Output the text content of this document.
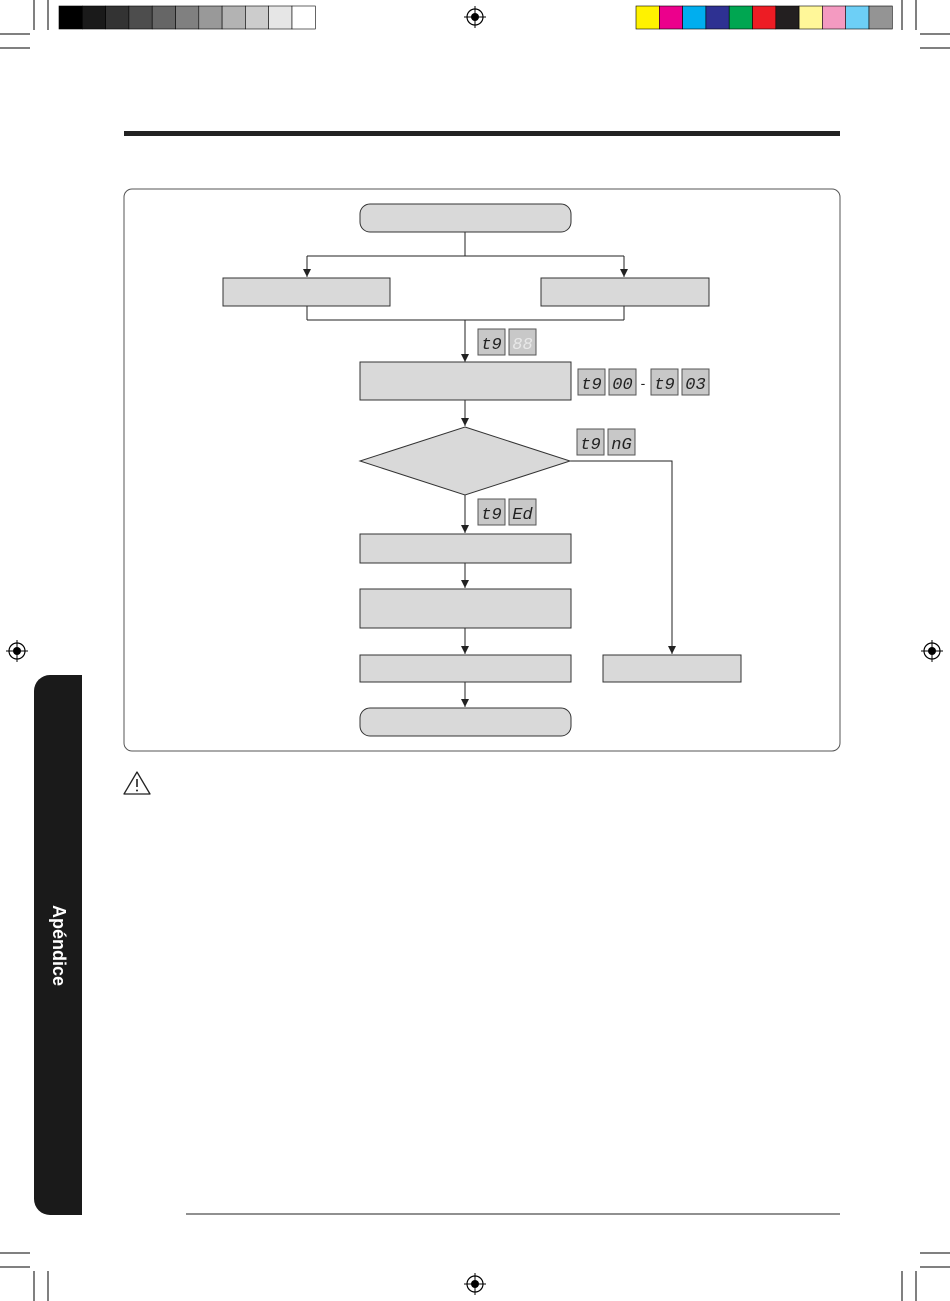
t9 88
t9 00 - t9 03
t9 nG
t9 Ed
Apéndice
